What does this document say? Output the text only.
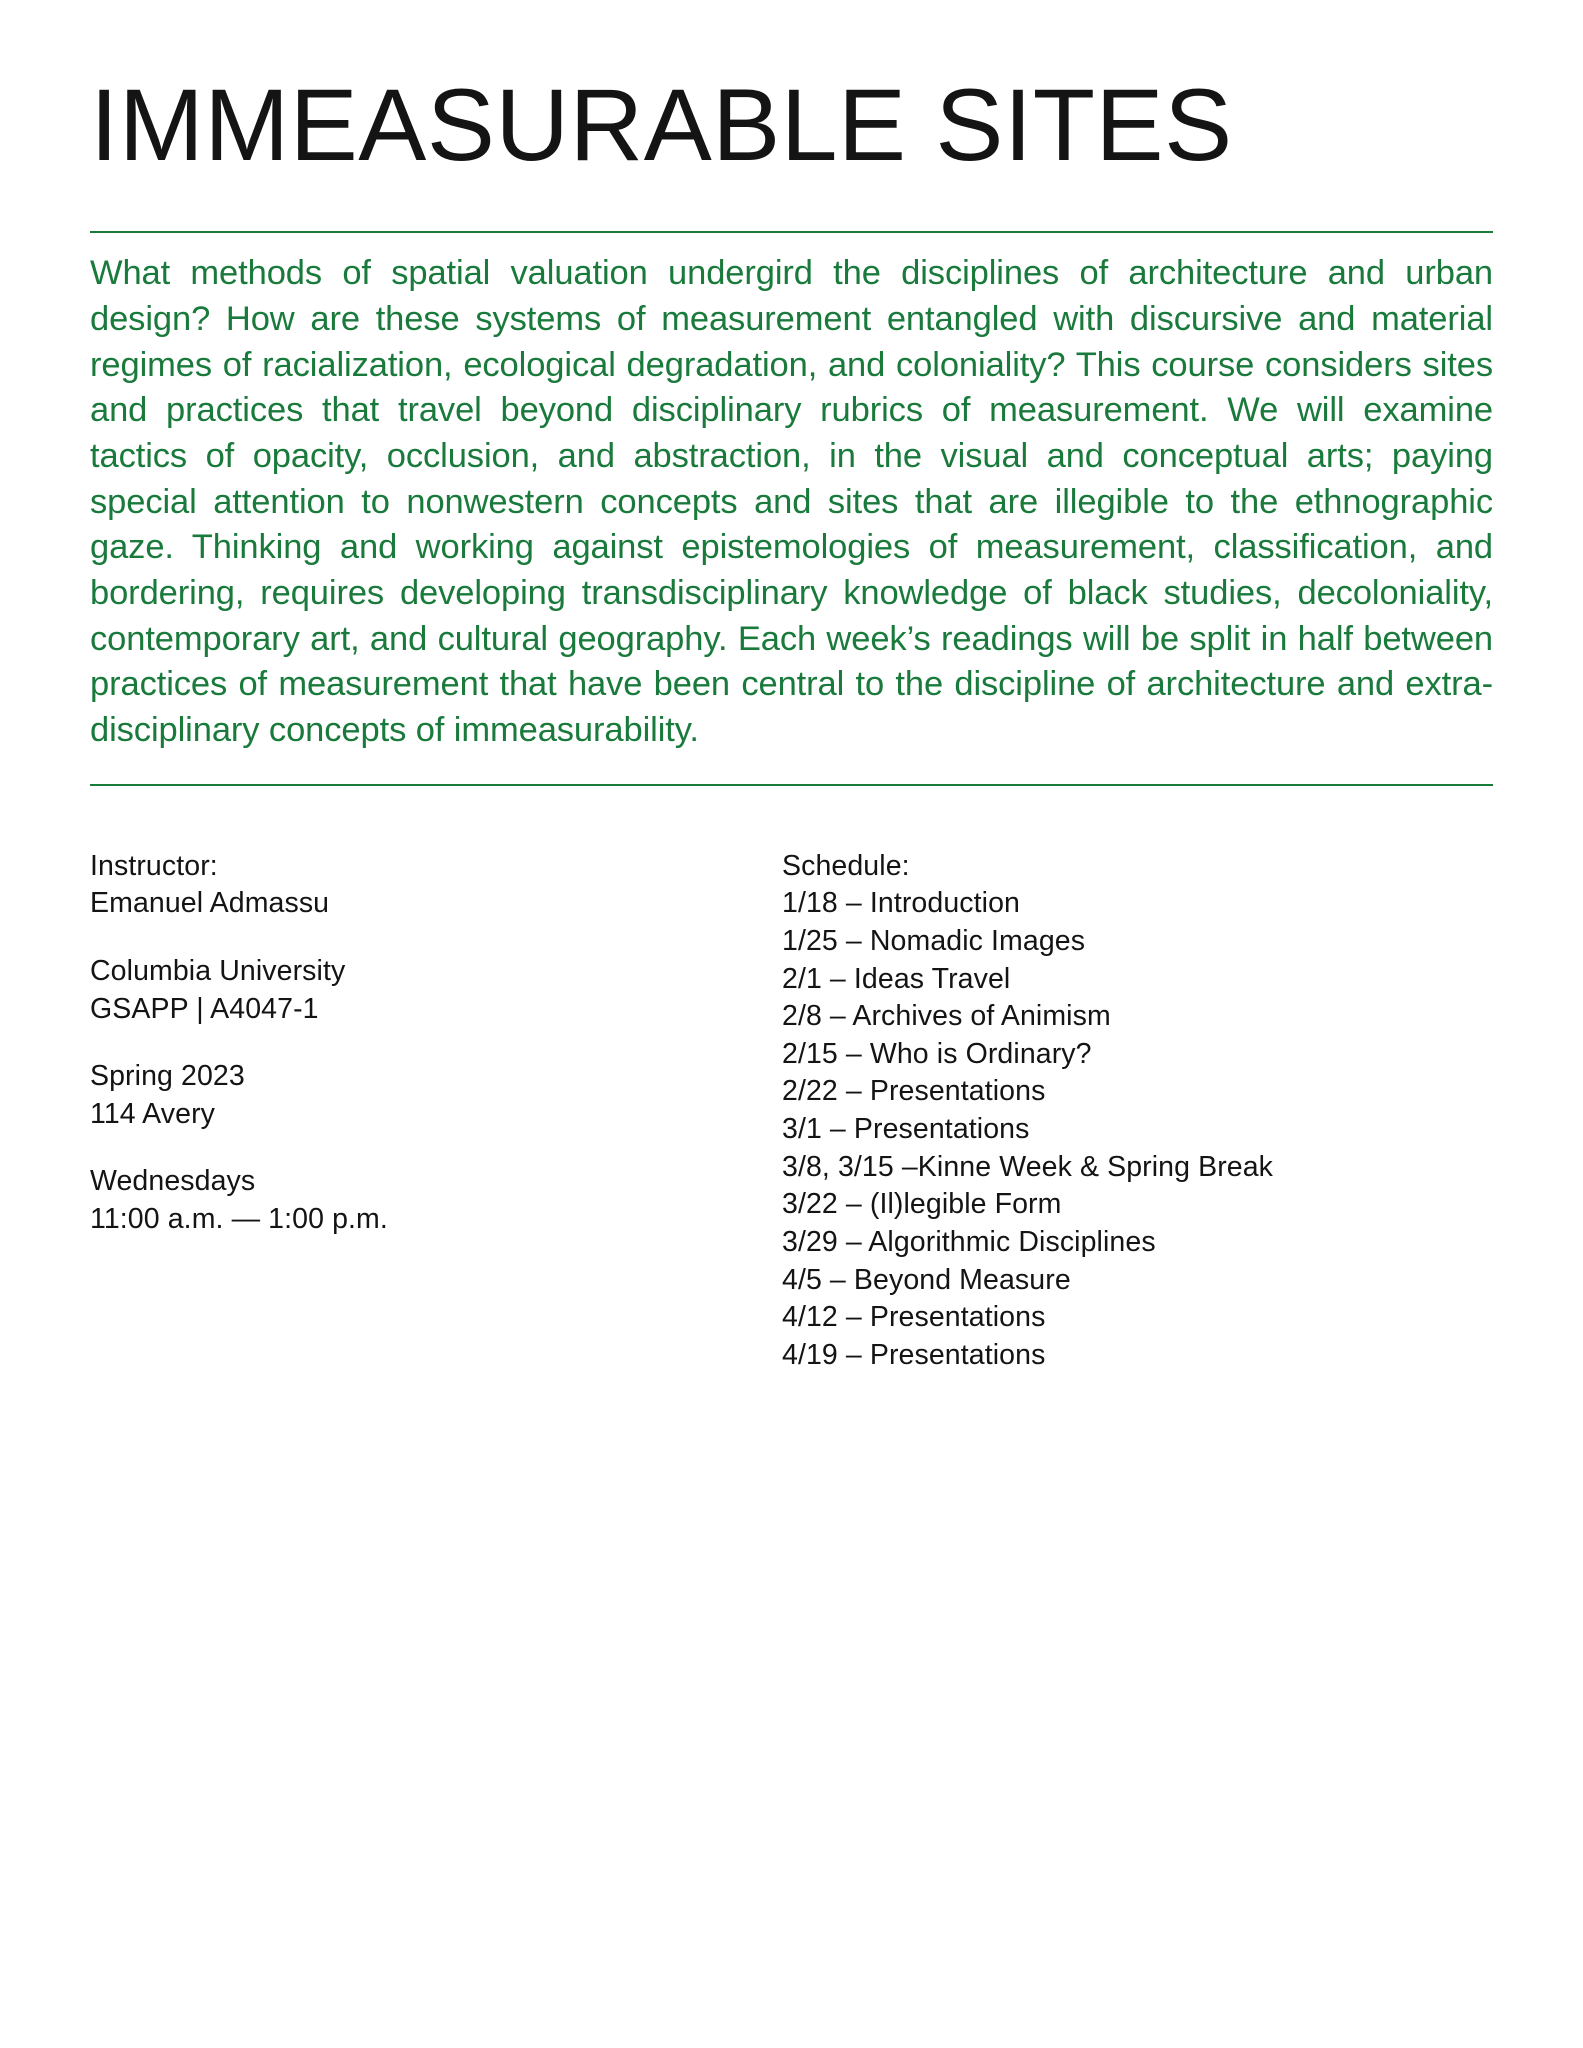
IMMEASURABLE SITES

What methods of spatial valuation undergird the disciplines of architecture and urban design? How are these systems of measurement entangled with discursive and material regimes of racialization, ecological degradation, and coloniality? This course considers sites and practices that travel beyond disciplinary rubrics of measurement. We will examine tactics of opacity, occlusion, and abstraction, in the visual and conceptual arts; paying special attention to nonwestern concepts and sites that are illegible to the ethnographic gaze. Thinking and working against epistemologies of measurement, classification, and bordering, requires developing transdisciplinary knowledge of black studies, decoloniality, contemporary art, and cultural geography. Each week’s readings will be split in half between practices of measurement that have been central to the discipline of architecture and extra-disciplinary concepts of immeasurability.

Instructor:
Emanuel Admassu
Columbia University
GSAPP | A4047-1
Spring 2023
114 Avery
Wednesdays
11:00 a.m. — 1:00 p.m.
Schedule:
1/18 – Introduction
1/25 – Nomadic Images
2/1 – Ideas Travel
2/8 – Archives of Animism
2/15 – Who is Ordinary?
2/22 – Presentations
3/1 – Presentations
3/8, 3/15 –Kinne Week & Spring Break
3/22 – (Il)legible Form
3/29 – Algorithmic Disciplines
4/5 – Beyond Measure
4/12 – Presentations
4/19 – Presentations
